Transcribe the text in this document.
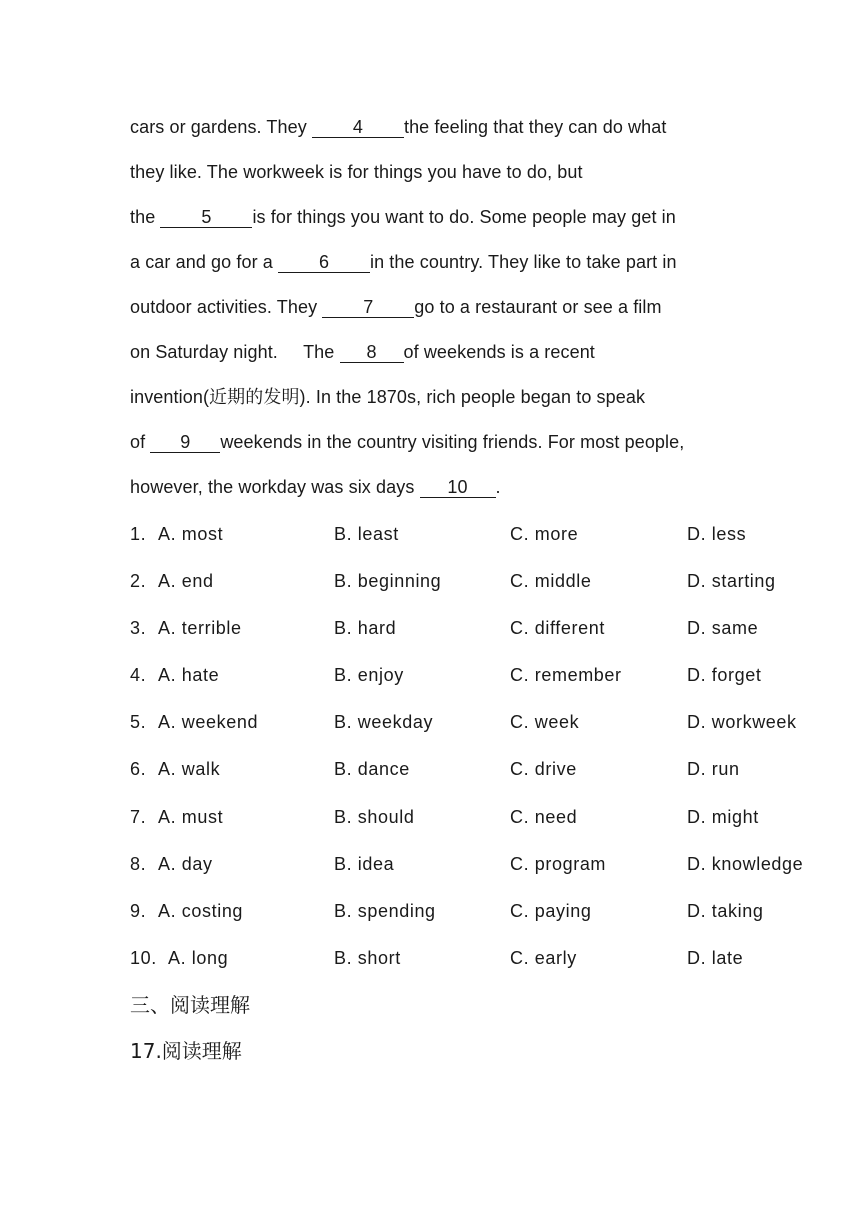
cars or gardens. They 4 the feeling that they can do what
they like. The workweek is for things you have to do, but
the 5 is for things you want to do. Some people may get in
a car and go for a 6 in the country. They like to take part in
outdoor activities. They 7 go to a restaurant or see a film
on Saturday night.     The 8 of weekends is a recent
invention(近期的发明). In the 1870s, rich people began to speak
of 9 weekends in the country visiting friends. For most people,
however, the workday was six days 10 .
1. A. most	B. least	C. more	D. less
2. A. end	B. beginning	C. middle	D. starting
3. A. terrible	B. hard	C. different	D. same
4. A. hate	B. enjoy	C. remember	D. forget
5. A. weekend	B. weekday	C. week	D. workweek
6. A. walk	B. dance	C. drive	D. run
7. A. must	B. should	C. need	D. might
8. A. day	B. idea	C. program	D. knowledge
9. A. costing	B. spending	C. paying	D. taking
10. A. long	B. short	C. early	D. late
三、阅读理解
17.阅读理解
